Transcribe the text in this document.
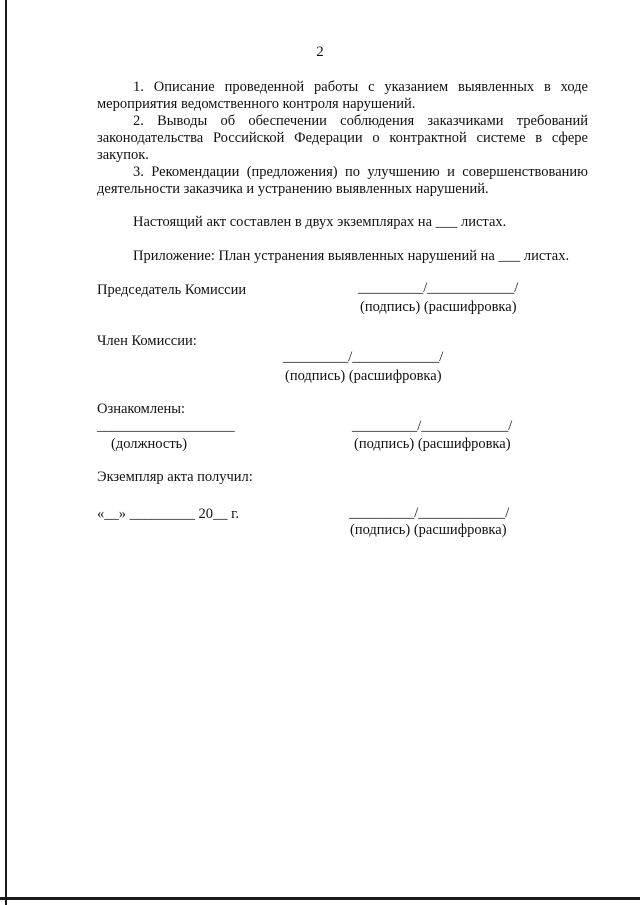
2

1. Описание проведенной работы с указанием выявленных в ходе мероприятия ведомственного контроля нарушений.

2. Выводы об обеспечении соблюдения заказчиками требований законодательства Российской Федерации о контрактной системе в сфере закупок.

3. Рекомендации (предложения) по улучшению и совершенствованию деятельности заказчика и устранению выявленных нарушений.

Настоящий акт составлен в двух экземплярах на ___ листах.
Приложение: План устранения выявленных нарушений на ___ листах.
Председатель Комиссии	_________/____________/
(подпись) (расшифровка)
Член Комиссии:
_________/____________/
(подпись) (расшифровка)
Ознакомлены:
___________________
(должность)
_________/____________/
(подпись) (расшифровка)
Экземпляр акта получил:
«__» _________ 20__ г.	_________/____________/
(подпись) (расшифровка)
